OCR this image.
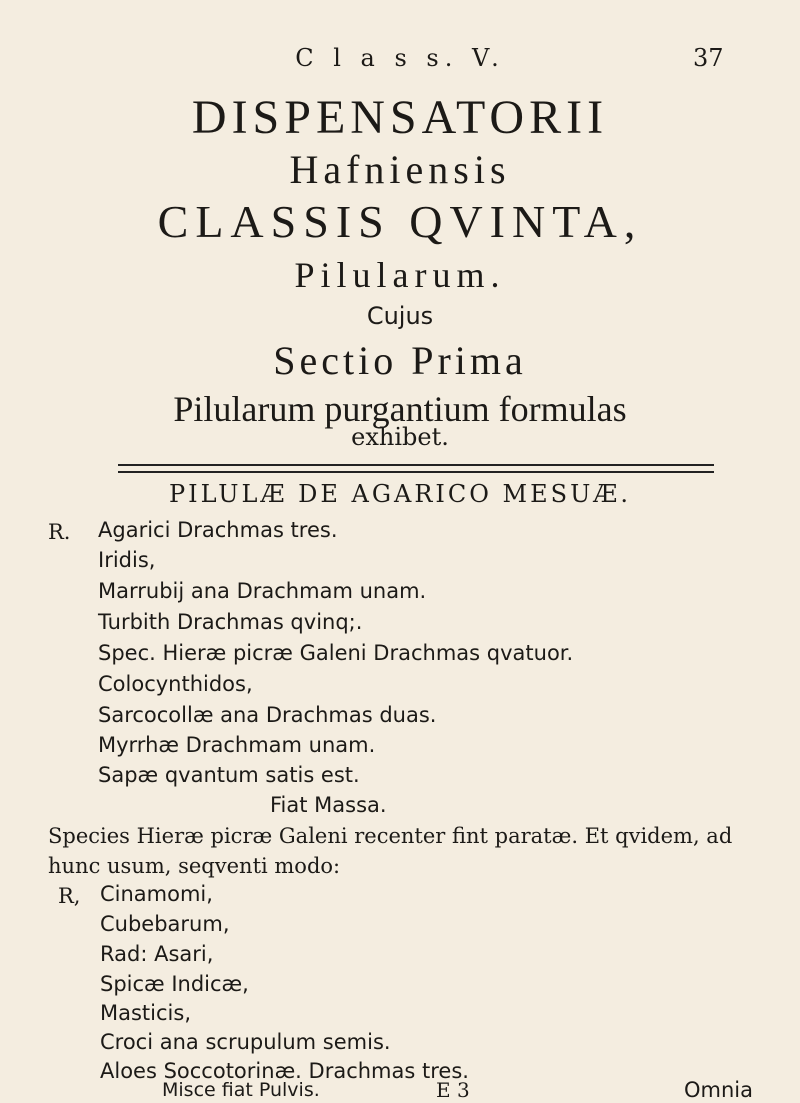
C l a s s. V.	37
DISPENSATORII
Hafniensis
CLASSIS QVINTA,
Pilularum.
Cujus
Sectio Prima
Pilularum purgantium formulas
exhibet.
PILULÆ DE AGARICO MESUÆ.
R. Agarici Drachmas tres.
Iridis,
Marrubij ana Drachmam unam.
Turbith Drachmas qvinq;.
Spec. Hieræ picræ Galeni Drachmas qvatuor.
Colocynthidos,
Sarcocollæ ana Drachmas duas.
Myrrhæ Drachmam unam.
Sapæ qvantum satis est.
Fiat Massa.
Species Hieræ picræ Galeni recenter fint paratæ. Et qvidem, ad
hunc usum, seqventi modo:
R, Cinamomi,
Cubebarum,
Rad: Asari,
Spicæ Indicæ,
Masticis,
Croci ana scrupulum semis.
Aloes Soccotorinæ. Drachmas tres.
Misce fiat Pulvis.	E 3	Omnia
